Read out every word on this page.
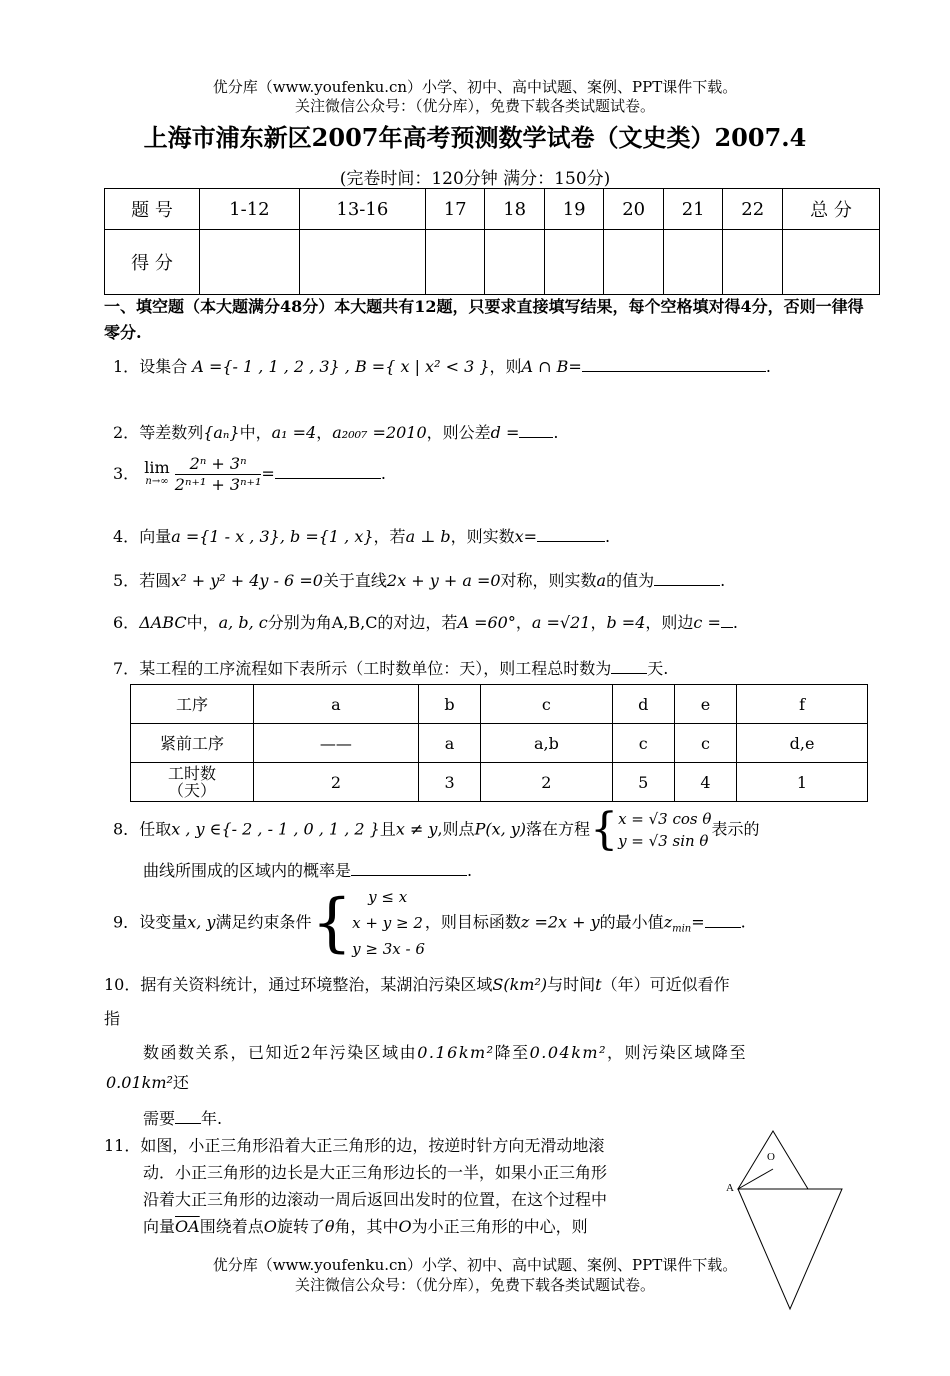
优分库（www.youfenku.cn）小学、初中、高中试题、案例、PPT课件下载。
关注微信公众号：（优分库），免费下载各类试题试卷。
上海市浦东新区2007年高考预测数学试卷（文史类）2007.4
(完卷时间：120分钟 满分：150分)
题 号	1-12	13-16	17	18	19	20	21	22	总 分
得 分									
一、填空题（本大题满分48分）本大题共有12题，只要求直接填写结果，每个空格填对得4分，否则一律得零分.
1．设集合 A ={- 1 , 1 , 2 , 3} , B ={ x | x² < 3 }，则A ∩ B=	.
2．等差数列{aₙ}中，a₁ =4，a₂₀₀₇ =2010，则公差d = .
3． lim
n→∞
$\frac{\text{2ⁿ + 3ⁿ}}{\text{2ⁿ⁺¹ + 3ⁿ⁺¹}}$ =	.
4．向量a ={1 - x , 3}, b ={1 , x}，若a ⊥ b，则实数x=	.
5．若圆x² + y² + 4y - 6 =0关于直线2x + y + a =0对称，则实数a的值为	.
6．ΔABC中，a, b, c分别为角A,B,C的对边，若A =60°，a =√21，b =4，则边c = .
7．某工程的工序流程如下表所示（工时数单位：天），则工程总时数为 天.
工序	a	b	c	d	e	f
紧前工序	——	a	a,b	c	c	d,e
工时数（天）	2	3	2	5	4	1
8．任取x , y ∈{- 2 , - 1 , 0 , 1 , 2 }且x ≠ y,则点P(x, y)落在方程{ x = √3 cos θ
y = √3 sin θ
表示的
曲线所围成的区域内的概率是	.
9．设变量x, y满足约束条件{	y ≤ x
x + y ≥ 2
y ≥ 3x - 6
，则目标函数z =2x + y的最小值$z_{min}=$ .
10．据有关资料统计，通过环境整治，某湖泊污染区域S(km²)与时间t（年）可近似看作
指
数函数关系，已知近2年污染区域由0.16km²降至0.04km²，则污染区域降至
0.01km²还
需要 年.
11．如图，小正三角形沿着大正三角形的边，按逆时针方向无滑动地滚
动．小正三角形的边长是大正三角形边长的一半，如果小正三角形
沿着大正三角形的边滚动一周后返回出发时的位置，在这个过程中
向量$\overline{OA}$围绕着点O旋转了θ角，其中O为小正三角形的中心，则
O
A
优分库（www.youfenku.cn）小学、初中、高中试题、案例、PPT课件下载。
关注微信公众号：（优分库），免费下载各类试题试卷。
